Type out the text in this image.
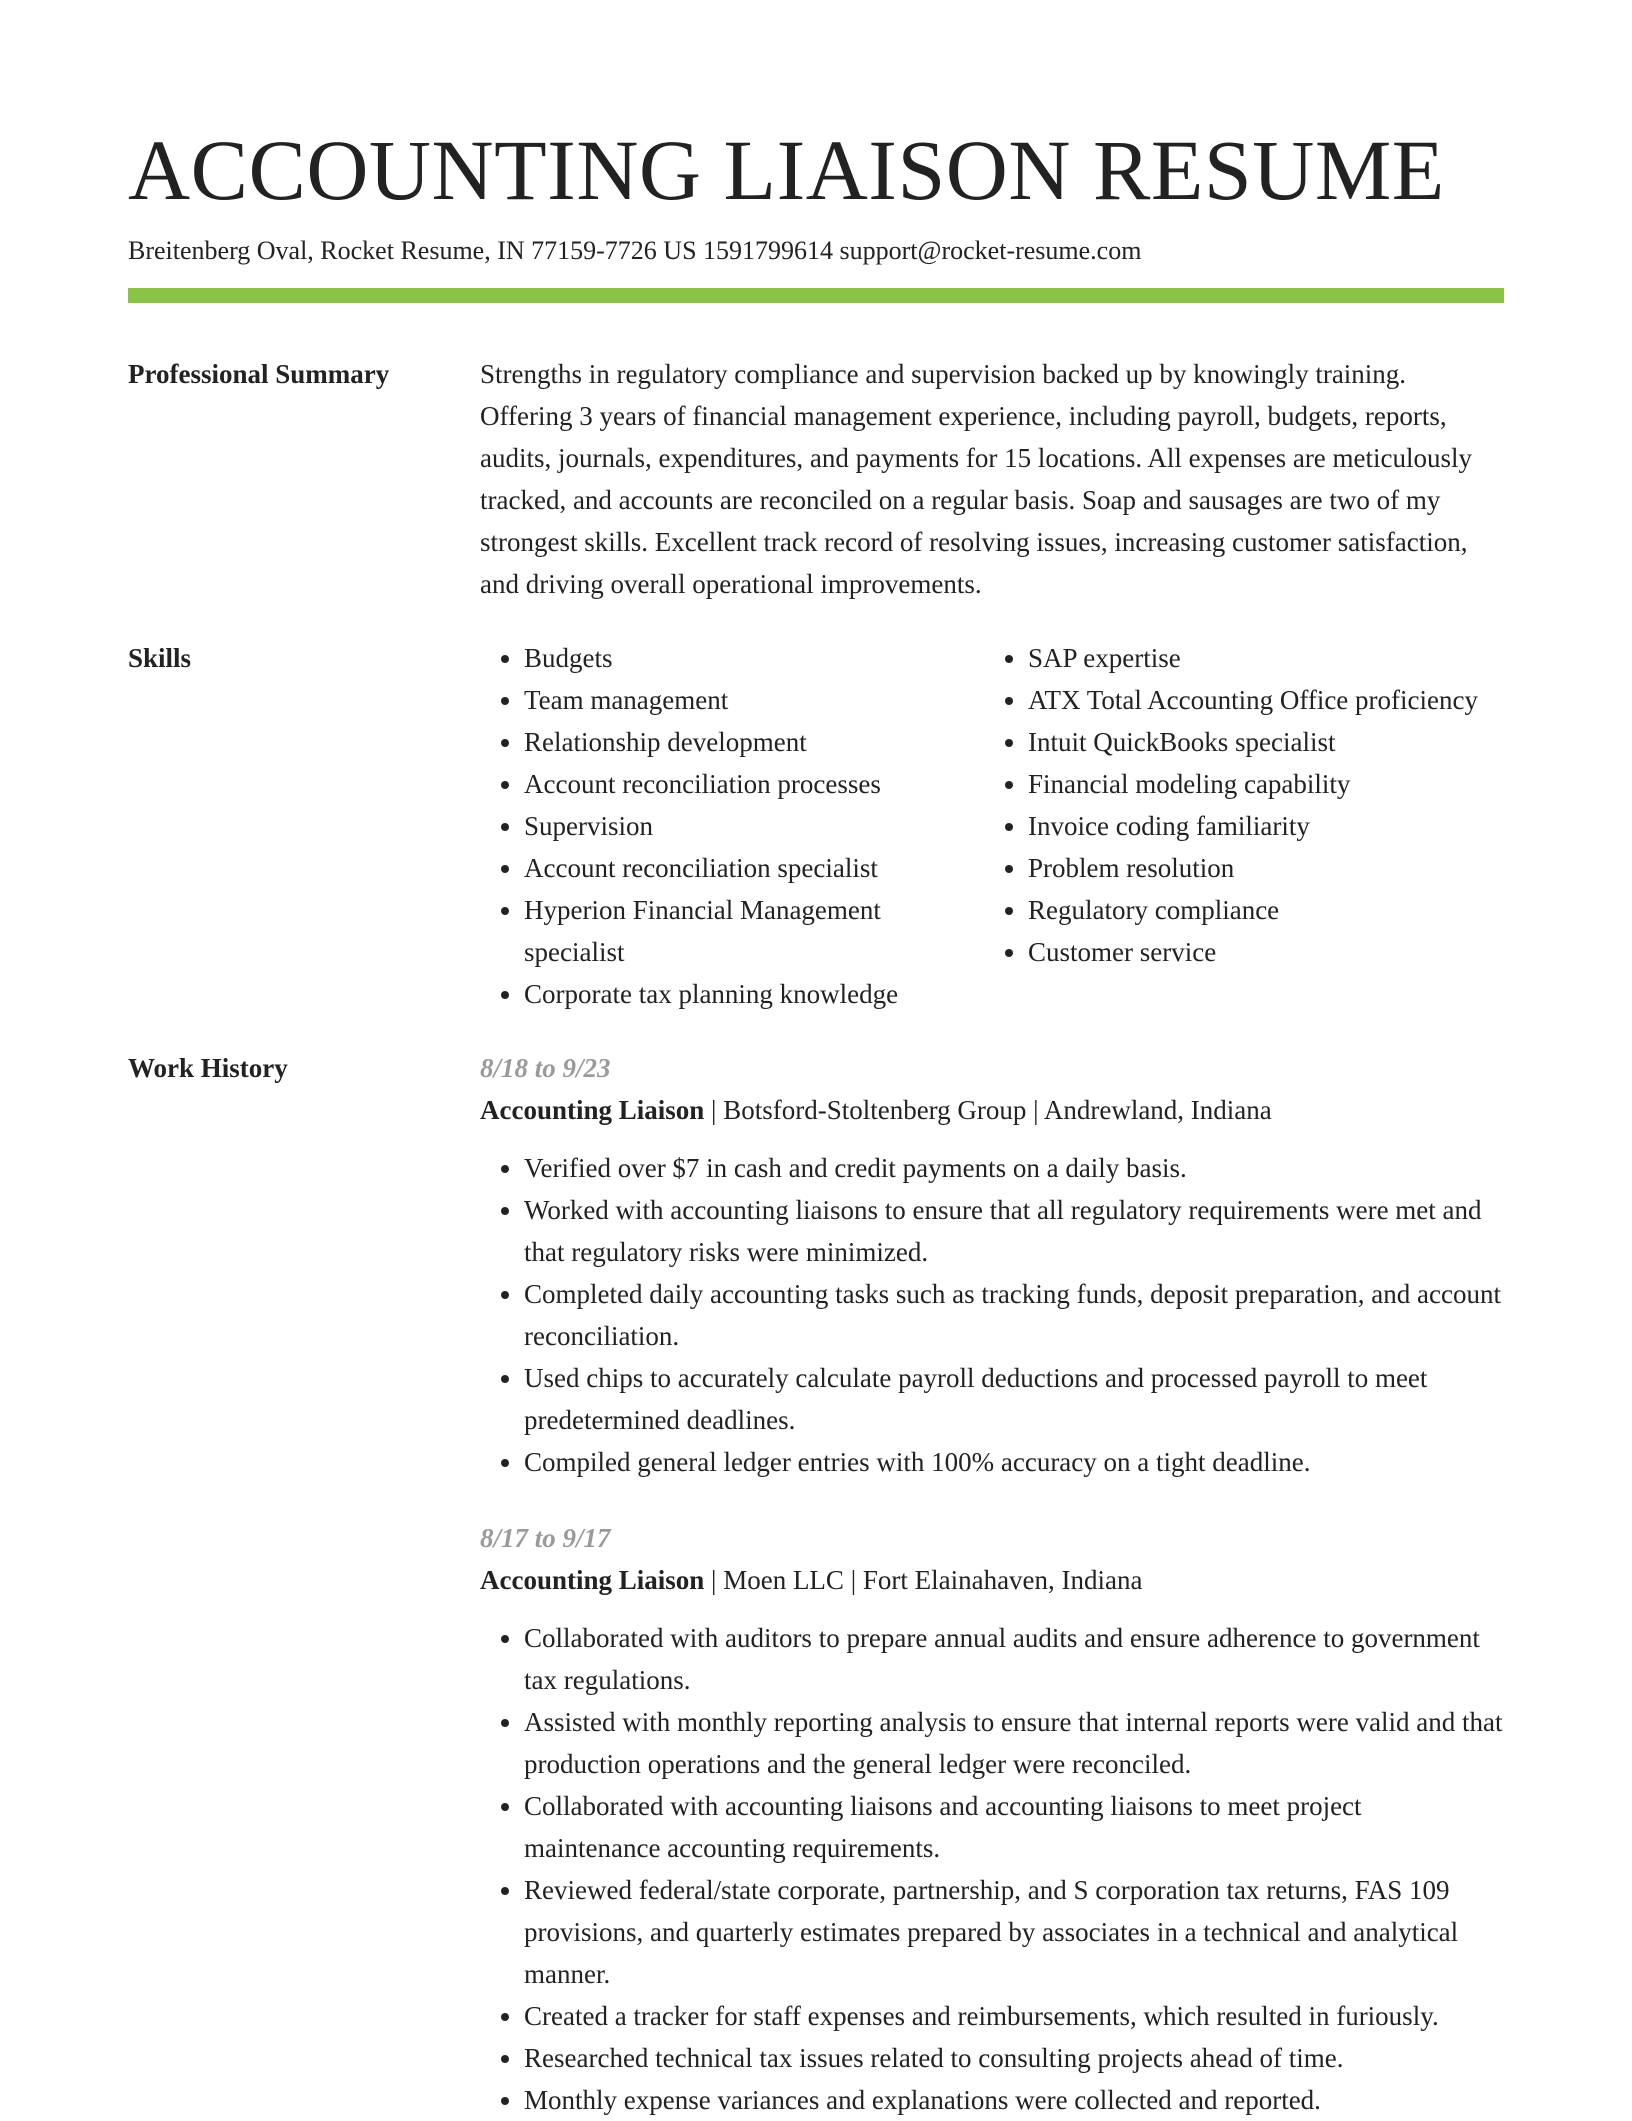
ACCOUNTING LIAISON RESUME
Breitenberg Oval, Rocket Resume, IN 77159-7726 US 1591799614 support@rocket-resume.com
Professional Summary	Strengths in regulatory compliance and supervision backed up by knowingly training. Offering 3 years of financial management experience, including payroll, budgets, reports, audits, journals, expenditures, and payments for 15 locations. All expenses are meticulously tracked, and accounts are reconciled on a regular basis. Soap and sausages are two of my strongest skills. Excellent track record of resolving issues, increasing customer satisfaction, and driving overall operational improvements.

Skills
•	Budgets
• Team management
• Relationship development
• Account reconciliation processes
• Supervision
• Account reconciliation specialist
• Hyperion Financial Management specialist
• Corporate tax planning knowledge
• SAP expertise
• ATX Total Accounting Office proficiency
• Intuit QuickBooks specialist
• Financial modeling capability
• Invoice coding familiarity
• Problem resolution
• Regulatory compliance
• Customer service
Work History	8/18 to 9/23
Accounting Liaison | Botsford-Stoltenberg Group | Andrewland, Indiana
• Verified over $7 in cash and credit payments on a daily basis.
• Worked with accounting liaisons to ensure that all regulatory requirements were met and that regulatory risks were minimized.
• Completed daily accounting tasks such as tracking funds, deposit preparation, and account reconciliation.
• Used chips to accurately calculate payroll deductions and processed payroll to meet predetermined deadlines.
• Compiled general ledger entries with 100% accuracy on a tight deadline.
8/17 to 9/17
Accounting Liaison | Moen LLC | Fort Elainahaven, Indiana
• Collaborated with auditors to prepare annual audits and ensure adherence to government tax regulations.
• Assisted with monthly reporting analysis to ensure that internal reports were valid and that production operations and the general ledger were reconciled.
• Collaborated with accounting liaisons and accounting liaisons to meet project maintenance accounting requirements.
• Reviewed federal/state corporate, partnership, and S corporation tax returns, FAS 109 provisions, and quarterly estimates prepared by associates in a technical and analytical manner.
• Created a tracker for staff expenses and reimbursements, which resulted in furiously.
• Researched technical tax issues related to consulting projects ahead of time.
• Monthly expense variances and explanations were collected and reported.
